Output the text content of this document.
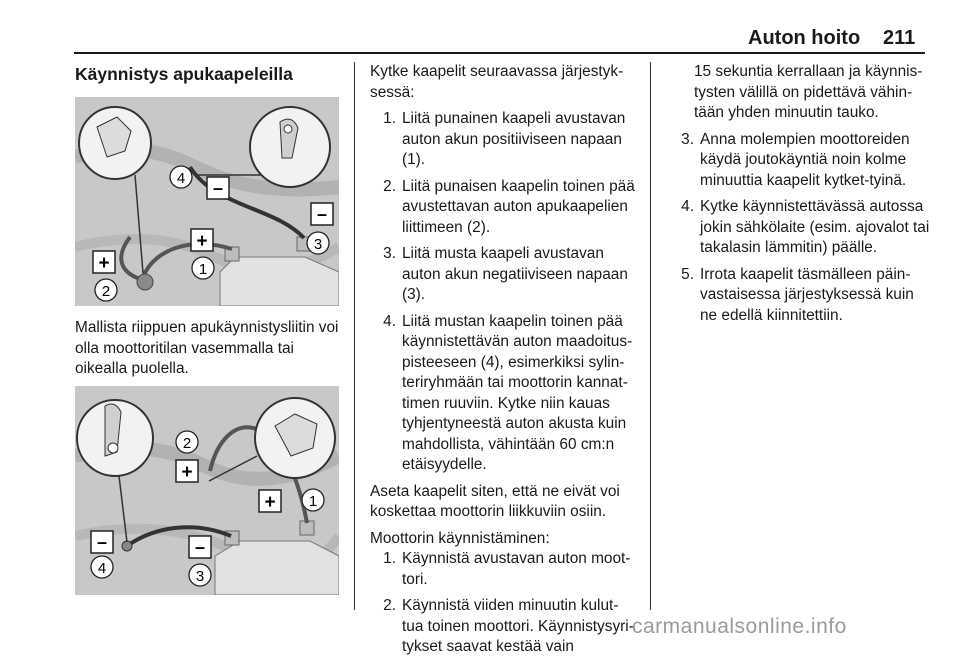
Auton hoito 211

Käynnistys apukaapeleilla

–
–
+
+
4
3
1
2

Mallista riippuen apukäynnistysliitin voi olla moottoritilan vasemmalla tai oikealla puolella.

+
+
–	–
2
1
4	3

Kytke kaapelit seuraavassa järjestyk-sessä:

1. Liitä punainen kaapeli avustavan auton akun positiiviseen napaan (1).
2. Liitä punaisen kaapelin toinen pää avustettavan auton apukaapelien liittimeen (2).
3. Liitä musta kaapeli avustavan auton akun negatiiviseen napaan (3).
4. Liitä mustan kaapelin toinen pää käynnistettävän auton maadoitus-pisteeseen (4), esimerkiksi sylin-teriryhmään tai moottorin kannat-timen ruuviin. Kytke niin kauas tyhjentyneestä auton akusta kuin mahdollista, vähintään 60 cm:n etäisyydelle.

Aseta kaapelit siten, että ne eivät voi koskettaa moottorin liikkuviin osiin.

Moottorin käynnistäminen:

1. Käynnistä avustavan auton moot-tori.
2. Käynnistä viiden minuutin kulut-tua toinen moottori. Käynnistysyri-tykset saavat kestää vain

15 sekuntia kerrallaan ja käynnis-tysten välillä on pidettävä vähin-tään yhden minuutin tauko.

3. Anna molempien moottoreiden käydä joutokäyntiä noin kolme minuuttia kaapelit kytket-tyinä.
4. Kytke käynnistettävässä autossa jokin sähkölaite (esim. ajovalot tai takalasin lämmitin) päälle.
5. Irrota kaapelit täsmälleen päin-vastaisessa järjestyksessä kuin ne edellä kiinnitettiin.
carmanualsonline.info
